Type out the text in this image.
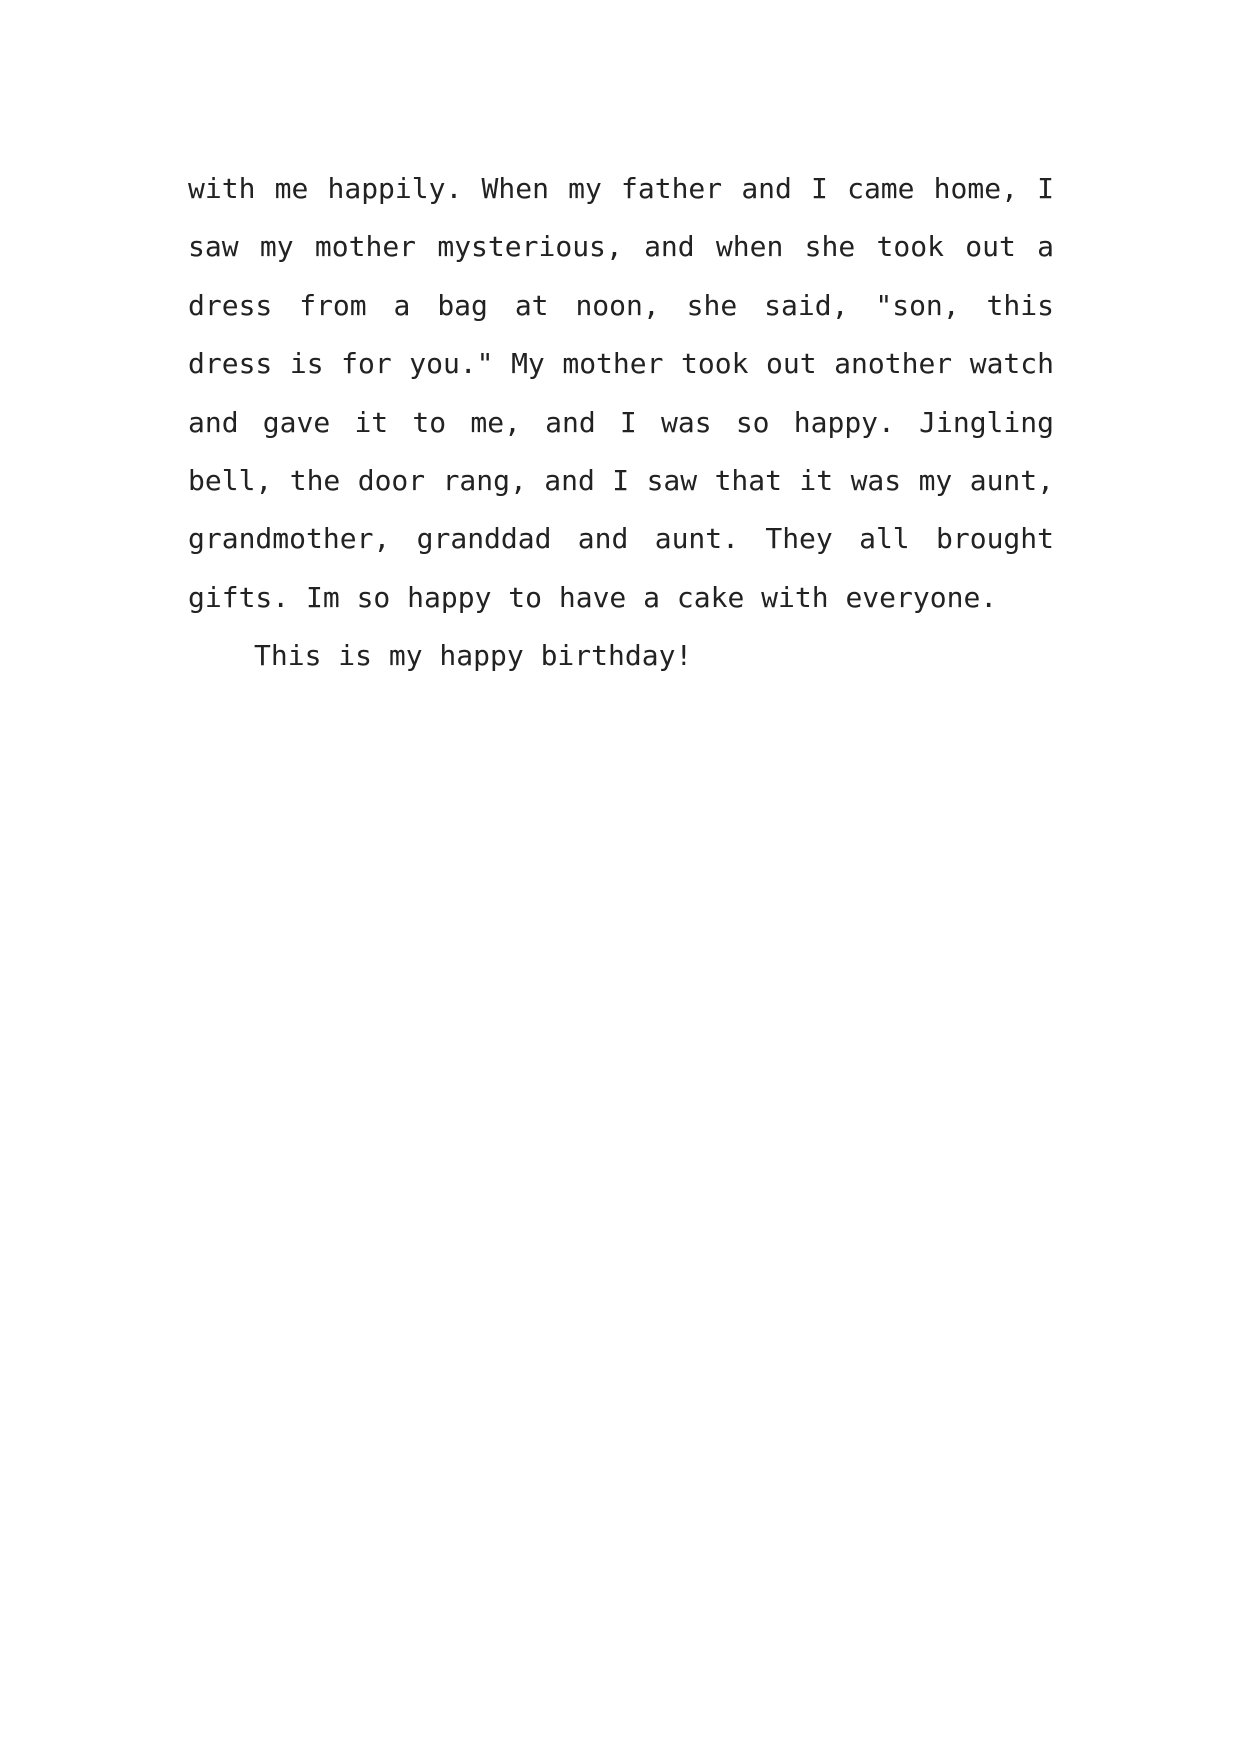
with me happily. When my father and I came home, I
saw my mother mysterious, and when she took out a
dress from a bag at noon, she said, "son, this
dress is for you." My mother took out another watch
and gave it to me, and I was so happy. Jingling
bell, the door rang, and I saw that it was my aunt,
grandmother, granddad and aunt. They all brought
gifts. Im so happy to have a cake with everyone.
This is my happy birthday!
